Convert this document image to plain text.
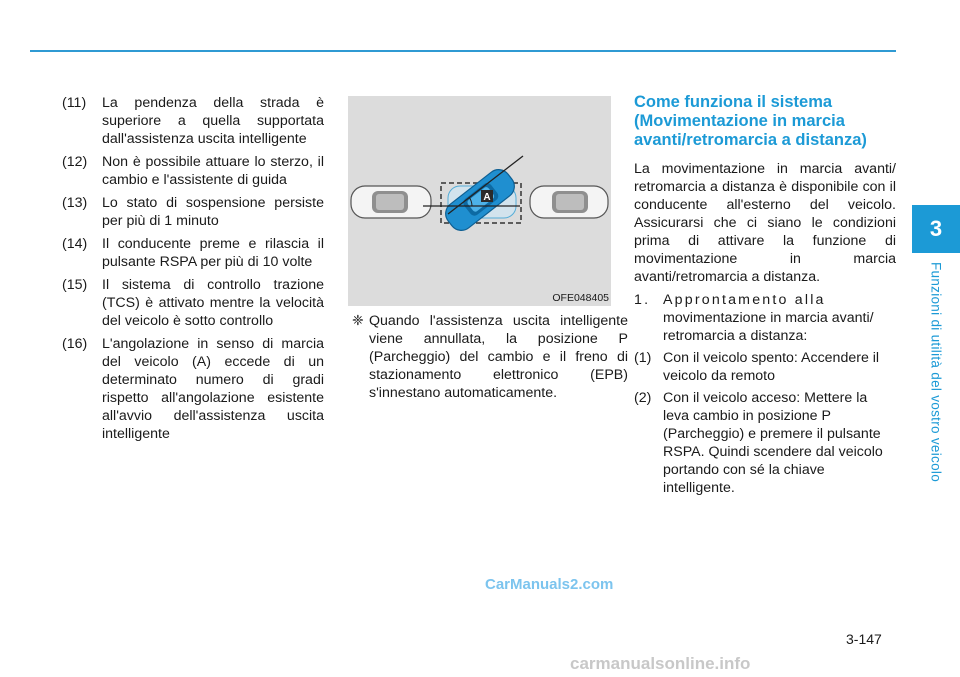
3
Funzioni di utilità del vostro veicolo
(11) La pendenza della strada è superiore a quella supportata dall'assistenza uscita intelligente
(12) Non è possibile attuare lo sterzo, il cambio e l'assistente di guida
(13) Lo stato di sospensione persiste per più di 1 minuto
(14) Il conducente preme e rilascia il pulsante RSPA per più di 10 volte
(15) Il sistema di controllo trazione (TCS) è attivato mentre la velocità del veicolo è sotto controllo
(16) L'angolazione in senso di marcia del veicolo (A) eccede di un determinato numero di gradi rispetto all'angolazione esistente all'avvio dell'assistenza uscita intelligente
A
OFE048405
❈ Quando l'assistenza uscita intelligente viene annullata, la posizione P (Parcheggio) del cambio e il freno di stazionamento elettronico (EPB) s'innestano automaticamente.
Come funziona il sistema (Movimentazione in marcia avanti/retromarcia a distanza)
La movimentazione in marcia avanti/ retromarcia a distanza è disponibile con il conducente all'esterno del veicolo. Assicurarsi che ci siano le condizioni prima di attivare la funzione di movimentazione in marcia avanti/retromarcia a distanza.
1. Approntamento alla
movimentazione in marcia avanti/ retromarcia a distanza:
(1) Con il veicolo spento: Accendere il veicolo da remoto
(2) Con il veicolo acceso: Mettere la leva cambio in posizione P (Parcheggio) e premere il pulsante RSPA. Quindi scendere dal veicolo portando con sé la chiave intelligente.
3-147
CarManuals2.com
carmanualsonline.info
